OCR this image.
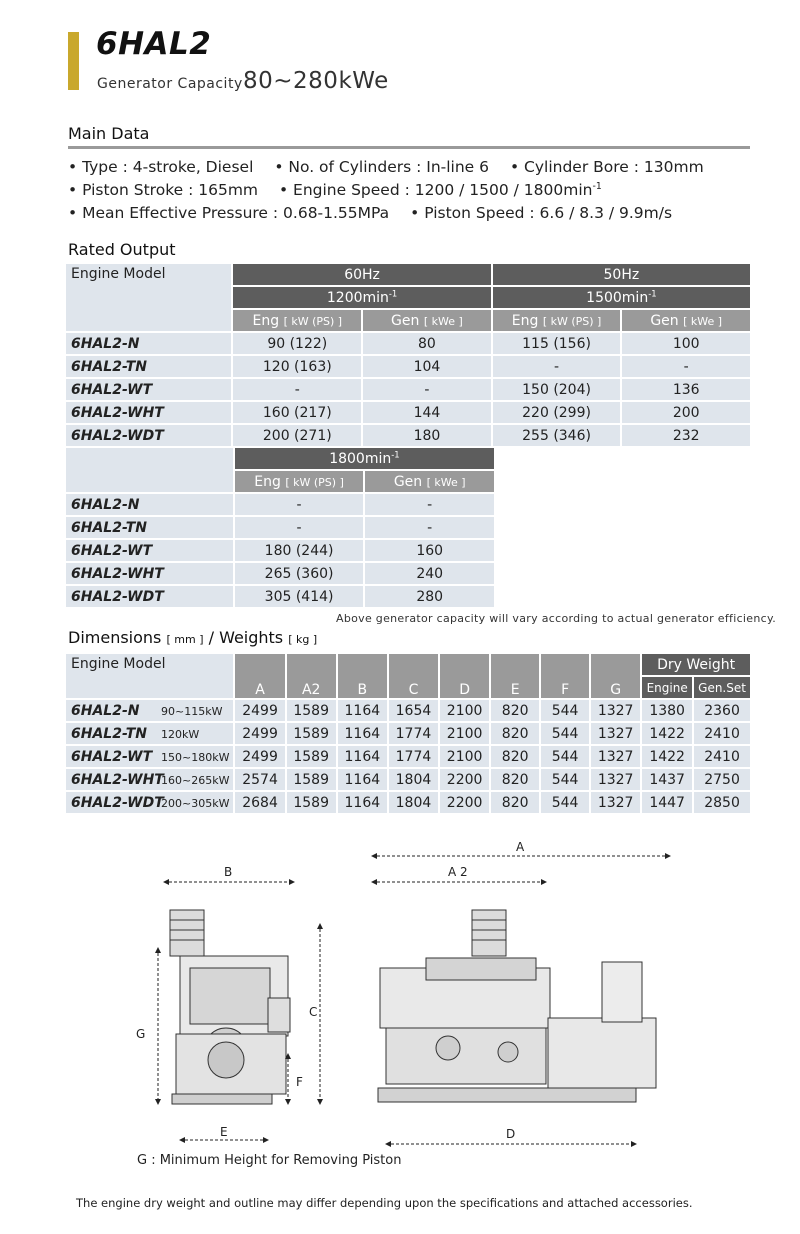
6HAL2
Generator Capacity 80~280kWe
Main Data
• Type : 4-stroke, Diesel • No. of Cylinders : In-line 6 • Cylinder Bore : 130mm
• Piston Stroke : 165mm • Engine Speed : $1200 / 1500 / 1800\min^{-1}$
• Mean Effective Pressure : 0.68-1.55MPa • Piston Speed : 6.6 / 8.3 / 9.9m/s
Rated Output
Engine Model	60Hz		50Hz	
	$1200\min^{-1}$		$1500\min^{-1}$
	Eng [ kW (PS) ]	Gen [ kWe ]	Eng [ kW (PS) ]	Gen [ kWe ]
6HAL2-N	90 (122)	80	115 (156)	100
6HAL2-TN	120 (163)	104	-	-
6HAL2-WT	-	-	150 (204)	136
6HAL2-WHT	160 (217)	144	220 (299)	200
6HAL2-WDT	200 (271)	180	255 (346)	232
	$1800\min^{-1}$
	Eng [ kW (PS) ]	Gen [ kWe ]
6HAL2-N	-	-
6HAL2-TN	-	-
6HAL2-WT	180 (244)	160
6HAL2-WHT	265 (360)	240
6HAL2-WDT	305 (414)	280
Above generator capacity will vary according to actual generator efficiency.
Dimensions [ mm ] / Weights [ kg ]
Engine Model	A	A2	B	C	D	E	F	G	Dry Weight	
									Engine	Gen.Set
6HAL2-N 90~115kW	2499	1589	1164	1654	2100	820	544	1327	1380	2360
6HAL2-TN 120kW	2499	1589	1164	1774	2100	820	544	1327	1422	2410
6HAL2-WT 150~180kW	2499	1589	1164	1774	2100	820	544	1327	1422	2410
6HAL2-WHT160~265kW	2574	1589	1164	1804	2200	820	544	1327	1437	2750
6HAL2-WDT200~305kW	2684	1589	1164	1804	2200	820	544	1327	1447	2850
B
G
C
F
E
A
A 2
D
G : Minimum Height for Removing Piston
The engine dry weight and outline may differ depending upon the specifications and attached accessories.
